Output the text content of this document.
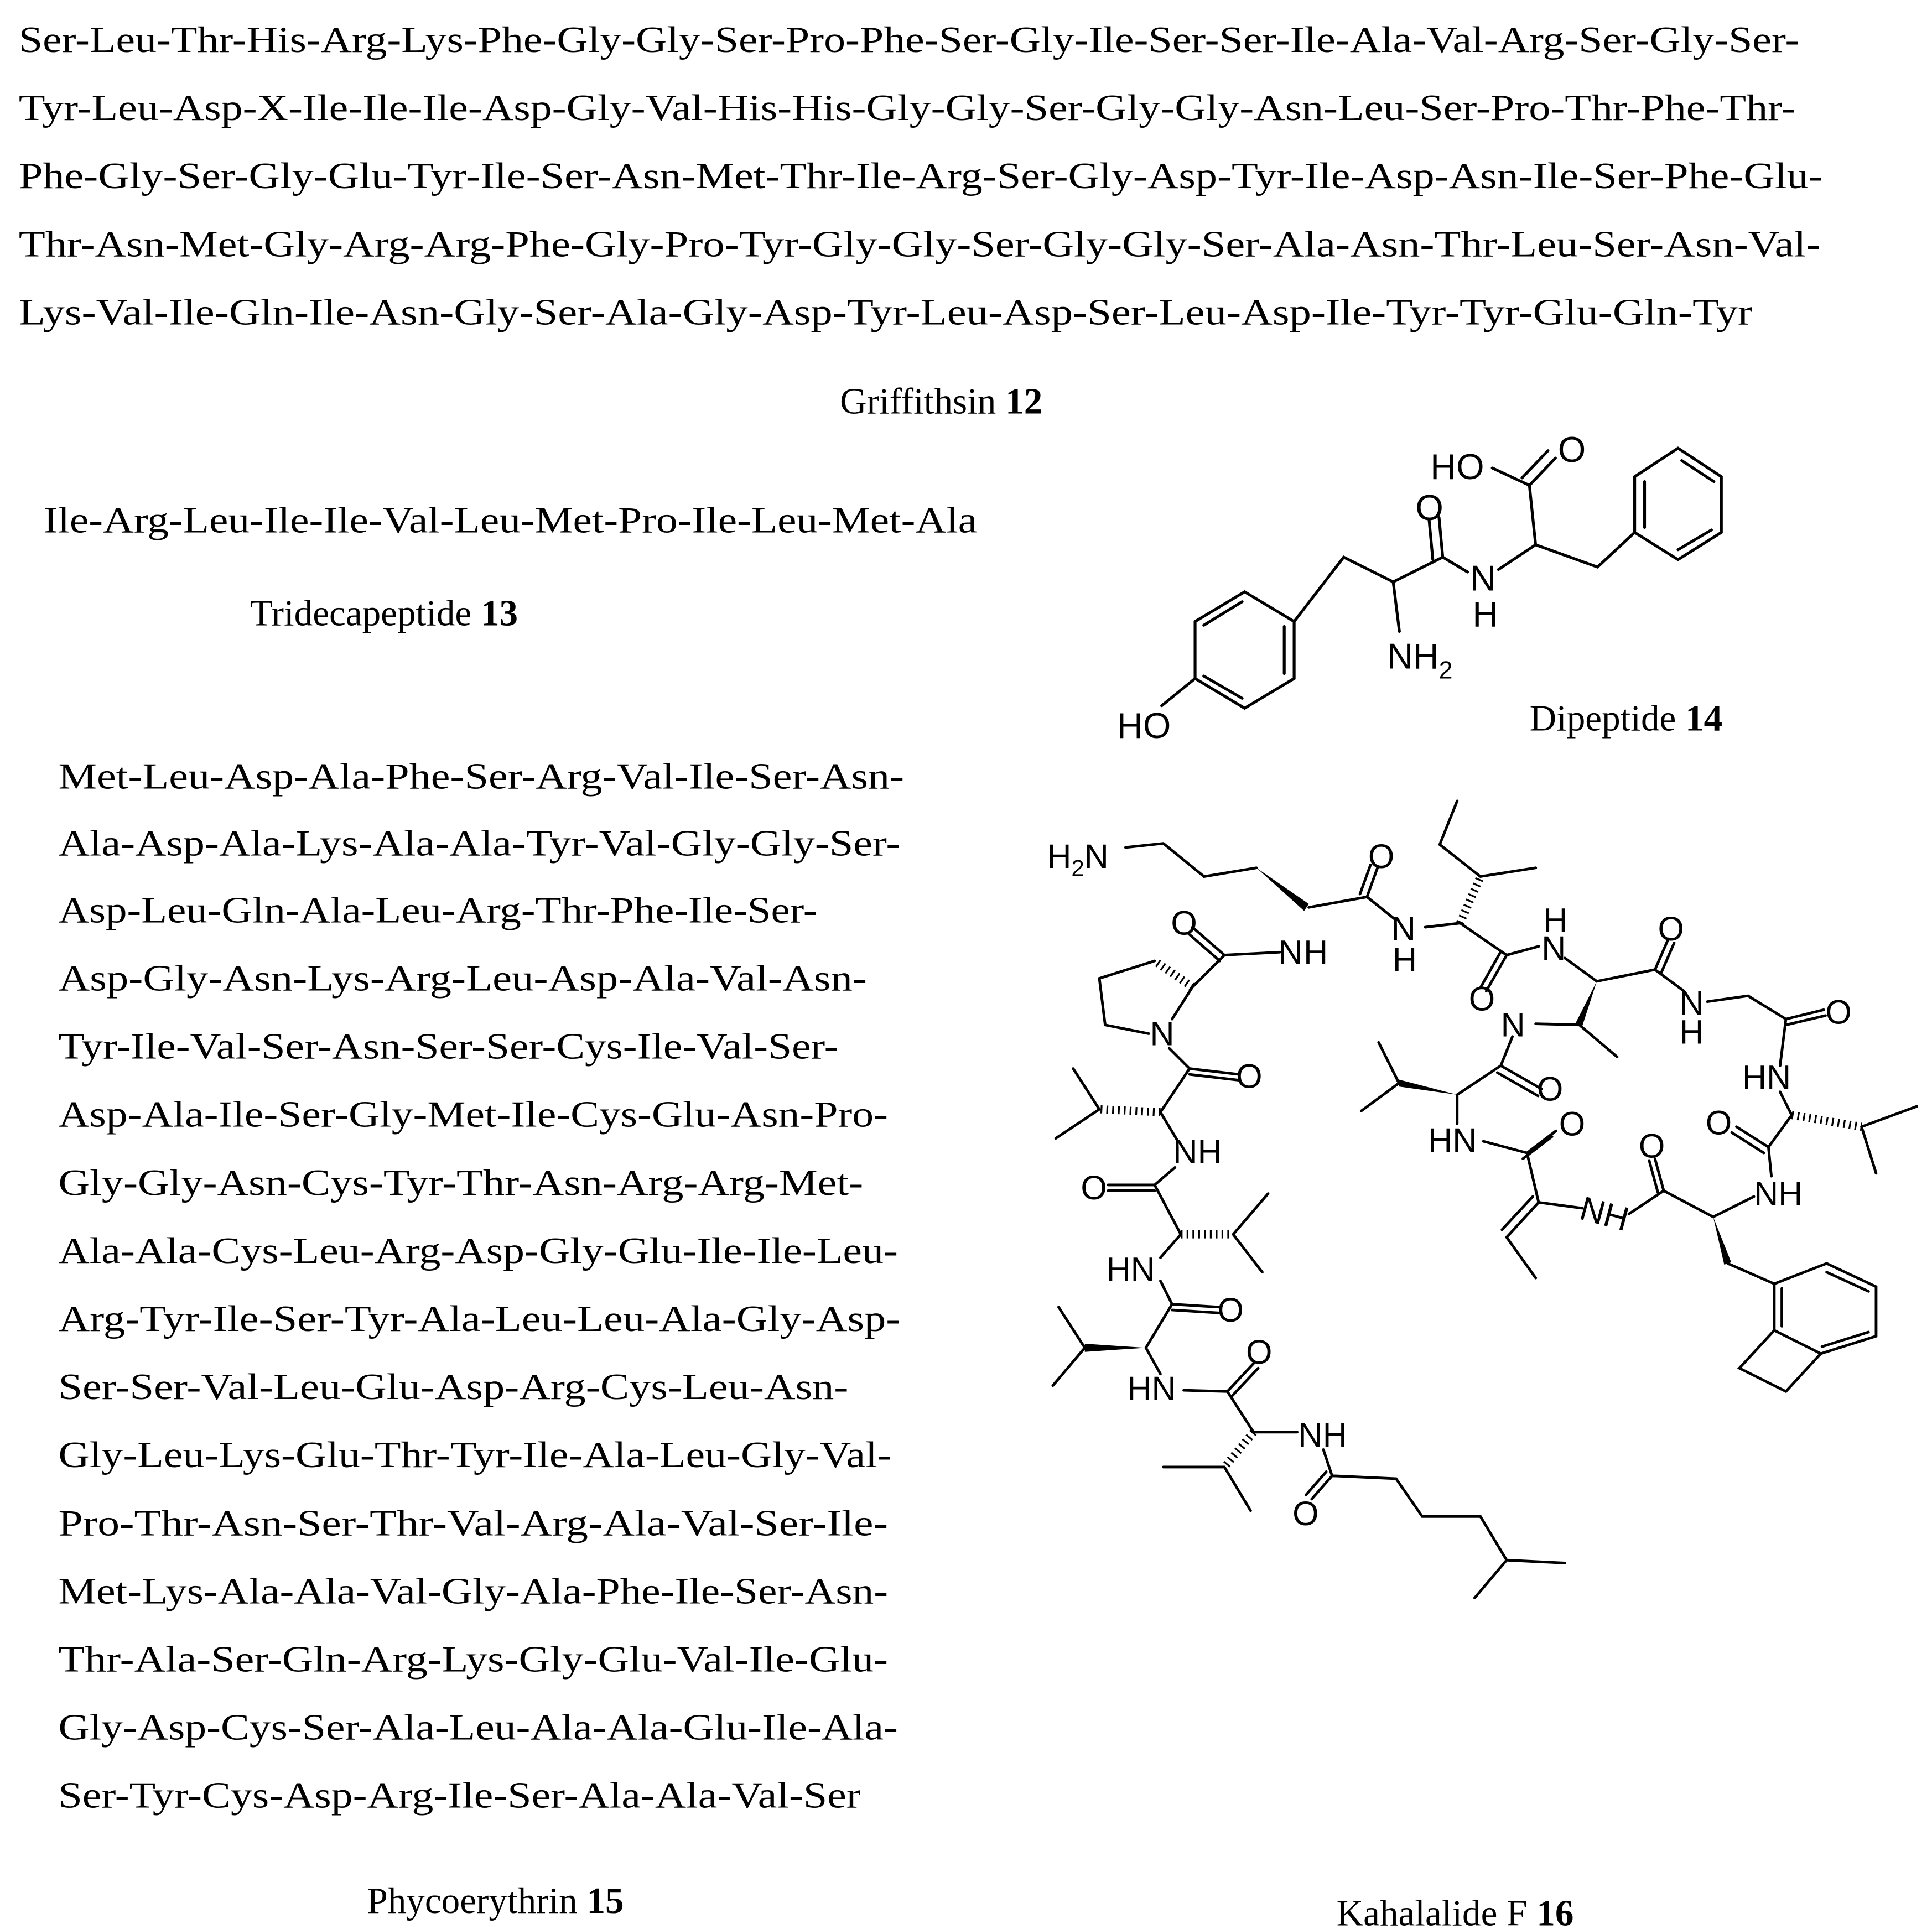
Ser-Leu-Thr-His-Arg-Lys-Phe-Gly-Gly-Ser-Pro-Phe-Ser-Gly-Ile-Ser-Ser-Ile-Ala-Val-Arg-Ser-Gly-Ser-
Tyr-Leu-Asp-X-Ile-Ile-Ile-Asp-Gly-Val-His-His-Gly-Gly-Ser-Gly-Gly-Asn-Leu-Ser-Pro-Thr-Phe-Thr-
Phe-Gly-Ser-Gly-Glu-Tyr-Ile-Ser-Asn-Met-Thr-Ile-Arg-Ser-Gly-Asp-Tyr-Ile-Asp-Asn-Ile-Ser-Phe-Glu-
Thr-Asn-Met-Gly-Arg-Arg-Phe-Gly-Pro-Tyr-Gly-Gly-Ser-Gly-Gly-Ser-Ala-Asn-Thr-Leu-Ser-Asn-Val-
Lys-Val-Ile-Gln-Ile-Asn-Gly-Ser-Ala-Gly-Asp-Tyr-Leu-Asp-Ser-Leu-Asp-Ile-Tyr-Tyr-Glu-Gln-Tyr
Griffithsin 12
Ile-Arg-Leu-Ile-Ile-Val-Leu-Met-Pro-Ile-Leu-Met-Ala
Tridecapeptide 13
Met-Leu-Asp-Ala-Phe-Ser-Arg-Val-Ile-Ser-Asn-
Ala-Asp-Ala-Lys-Ala-Ala-Tyr-Val-Gly-Gly-Ser-
Asp-Leu-Gln-Ala-Leu-Arg-Thr-Phe-Ile-Ser-
Asp-Gly-Asn-Lys-Arg-Leu-Asp-Ala-Val-Asn-
Tyr-Ile-Val-Ser-Asn-Ser-Ser-Cys-Ile-Val-Ser-
Asp-Ala-Ile-Ser-Gly-Met-Ile-Cys-Glu-Asn-Pro-
Gly-Gly-Asn-Cys-Tyr-Thr-Asn-Arg-Arg-Met-
Ala-Ala-Cys-Leu-Arg-Asp-Gly-Glu-Ile-Ile-Leu-
Arg-Tyr-Ile-Ser-Tyr-Ala-Leu-Leu-Ala-Gly-Asp-
Ser-Ser-Val-Leu-Glu-Asp-Arg-Cys-Leu-Asn-
Gly-Leu-Lys-Glu-Thr-Tyr-Ile-Ala-Leu-Gly-Val-
Pro-Thr-Asn-Ser-Thr-Val-Arg-Ala-Val-Ser-Ile-
Met-Lys-Ala-Ala-Val-Gly-Ala-Phe-Ile-Ser-Asn-
Thr-Ala-Ser-Gln-Arg-Lys-Gly-Glu-Val-Ile-Glu-
Gly-Asp-Cys-Ser-Ala-Leu-Ala-Ala-Glu-Ile-Ala-
Ser-Tyr-Cys-Asp-Arg-Ile-Ser-Ala-Ala-Val-Ser
Phycoerythrin 15
HO	O
O
N
H
$NH_2$
HO	Dipeptide 14
$H_2N$	O
N
H
N H
O	H
N
O
O
N
H
O
N
HN
O
O
NH
O
O
NH
HN
O
NH
O
N
O
O
HN
O
HN
NH
Kahalalide F 16
